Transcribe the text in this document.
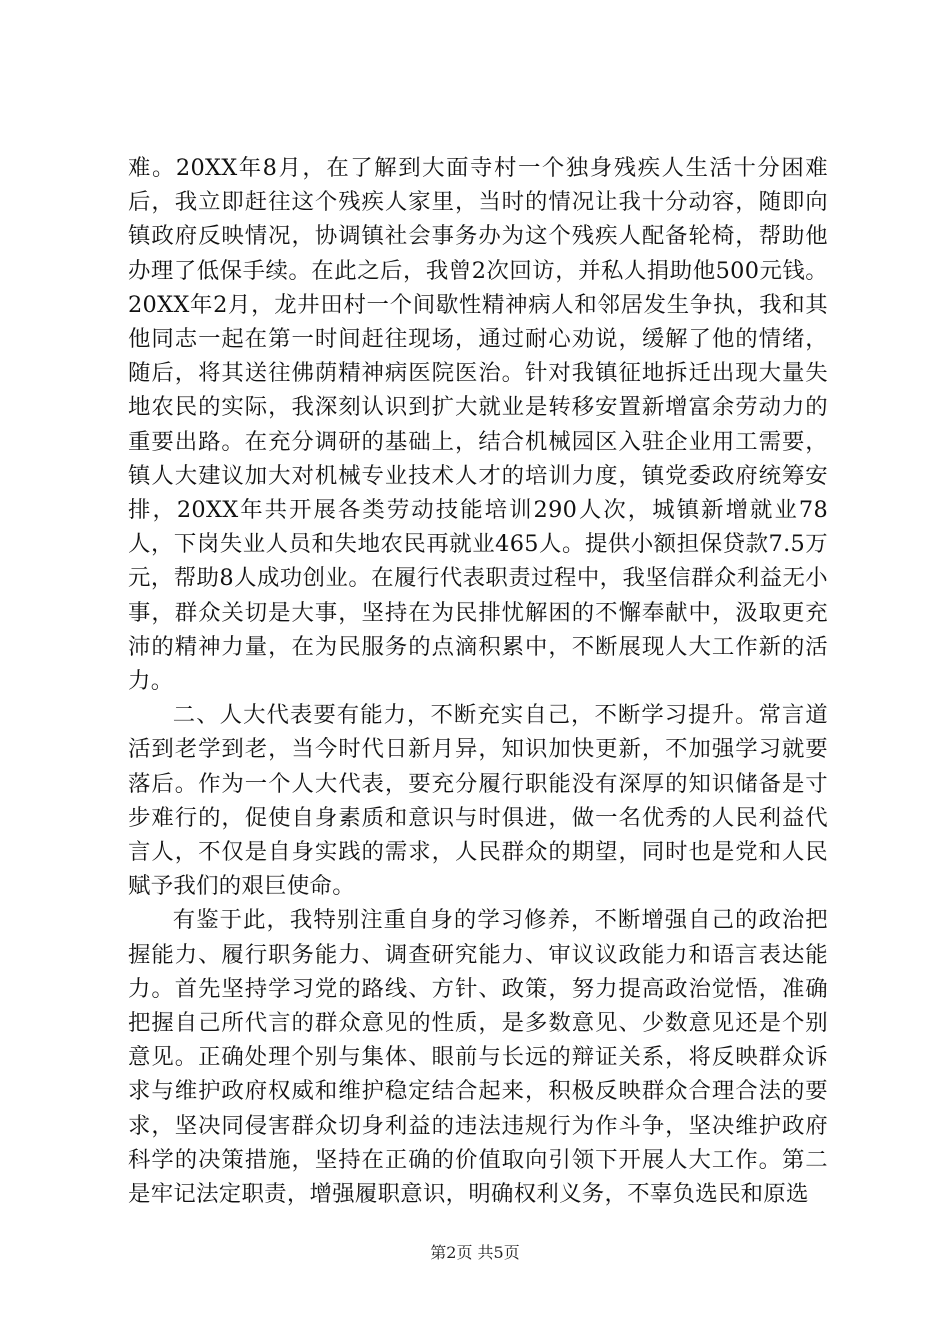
难。20XX年8月，在了解到大面寺村一个独身残疾人生活十分困难后，我立即赶往这个残疾人家里，当时的情况让我十分动容，随即向镇政府反映情况，协调镇社会事务办为这个残疾人配备轮椅，帮助他办理了低保手续。在此之后，我曾2次回访，并私人捐助他500元钱。20XX年2月，龙井田村一个间歇性精神病人和邻居发生争执，我和其他同志一起在第一时间赶往现场，通过耐心劝说，缓解了他的情绪，随后，将其送往佛荫精神病医院医治。针对我镇征地拆迁出现大量失地农民的实际，我深刻认识到扩大就业是转移安置新增富余劳动力的重要出路。在充分调研的基础上，结合机械园区入驻企业用工需要，镇人大建议加大对机械专业技术人才的培训力度，镇党委政府统筹安排，20XX年共开展各类劳动技能培训290人次，城镇新增就业78人，下岗失业人员和失地农民再就业465人。提供小额担保贷款7.5万元，帮助8人成功创业。在履行代表职责过程中，我坚信群众利益无小事，群众关切是大事，坚持在为民排忧解困的不懈奉献中，汲取更充沛的精神力量，在为民服务的点滴积累中，不断展现人大工作新的活力。

二、人大代表要有能力，不断充实自己，不断学习提升。常言道活到老学到老，当今时代日新月异，知识加快更新，不加强学习就要落后。作为一个人大代表，要充分履行职能没有深厚的知识储备是寸步难行的，促使自身素质和意识与时俱进，做一名优秀的人民利益代言人，不仅是自身实践的需求，人民群众的期望，同时也是党和人民赋予我们的艰巨使命。

有鉴于此，我特别注重自身的学习修养，不断增强自己的政治把握能力、履行职务能力、调查研究能力、审议议政能力和语言表达能力。首先坚持学习党的路线、方针、政策，努力提高政治觉悟，准确把握自己所代言的群众意见的性质，是多数意见、少数意见还是个别意见。正确处理个别与集体、眼前与长远的辩证关系，将反映群众诉求与维护政府权威和维护稳定结合起来，积极反映群众合理合法的要求，坚决同侵害群众切身利益的违法违规行为作斗争，坚决维护政府科学的决策措施，坚持在正确的价值取向引领下开展人大工作。第二是牢记法定职责，增强履职意识，明确权利义务，不辜负选民和原选

第2页 共5页
